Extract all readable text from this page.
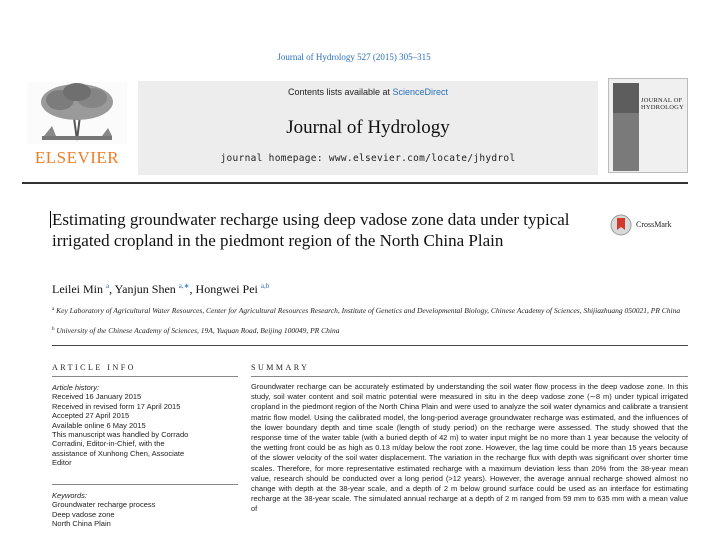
Journal of Hydrology 527 (2015) 305–315
ELSEVIER
Contents lists available at ScienceDirect
Journal of Hydrology
journal homepage: www.elsevier.com/locate/jhydrol
JOURNAL OF HYDROLOGY
Estimating groundwater recharge using deep vadose zone data under typical irrigated cropland in the piedmont region of the North China Plain
CrossMark
Leilei Min $^a$, Yanjun Shen $^{a,∗}$, Hongwei Pei $^{a,b}$
$^a$ Key Laboratory of Agricultural Water Resources, Center for Agricultural Resources Research, Institute of Genetics and Developmental Biology, Chinese Academy of Sciences, Shijiazhuang 050021, PR China
$^b$ University of the Chinese Academy of Sciences, 19A, Yuquan Road, Beijing 100049, PR China
ARTICLE INFO	SUMMARY
Article history:
Received 16 January 2015
Received in revised form 17 April 2015
Accepted 27 April 2015
Available online 6 May 2015
This manuscript was handled by Corrado
Corradini, Editor-in-Chief, with the
assistance of Xunhong Chen, Associate
Editor
Keywords:
Groundwater recharge process
Deep vadose zone
North China Plain
Groundwater recharge can be accurately estimated by understanding the soil water flow process in the deep vadose zone. In this study, soil water content and soil matric potential were measured in situ in the deep vadose zone (∼8 m) under typical irrigated cropland in the piedmont region of the North China Plain and were used to analyze the soil water dynamics and calibrate a transient matric flow model. Using the calibrated model, the long-period average groundwater recharge was estimated, and the influences of the lower boundary depth and time scale (length of study period) on the recharge were assessed. The study showed that the response time of the water table (with a buried depth of 42 m) to water input might be no more than 1 year because the velocity of the wetting front could be as high as 0.13 m/day below the root zone. However, the lag time could be more than 15 years because of the slower velocity of the soil water displacement. The variation in the recharge flux with depth was significant over shorter time scales. Therefore, for more representative estimated recharge with a maximum deviation less than 20% from the 38-year mean value, research should be conducted over a long period (>12 years). However, the average annual recharge showed almost no change with depth at the 38-year scale, and a depth of 2 m below ground surface could be used as an interface for estimating recharge at the 38-year scale. The simulated annual recharge at a depth of 2 m ranged from 59 mm to 635 mm with a mean value of
